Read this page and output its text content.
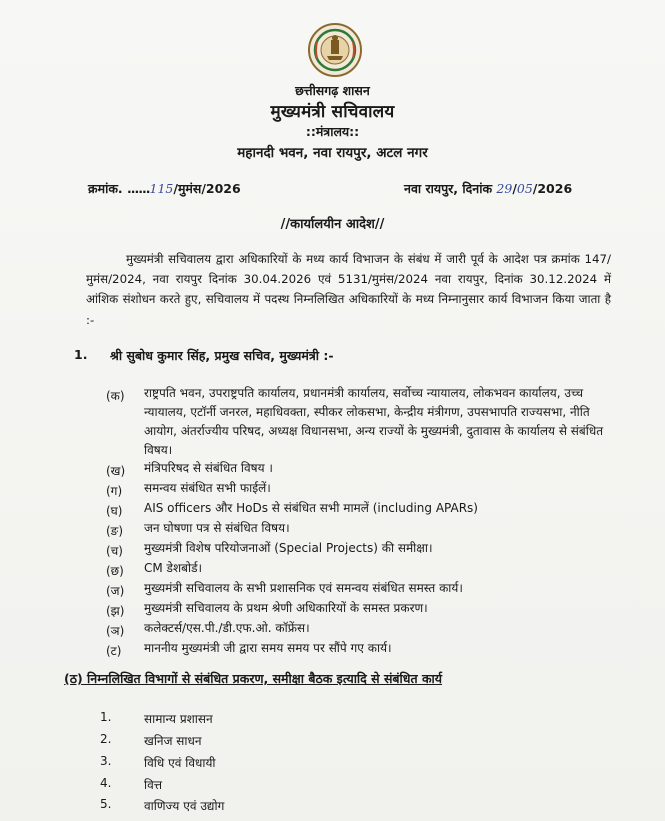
छत्तीसगढ़ शासन
मुख्यमंत्री सचिवालय
::मंत्रालय::
महानदी भवन, नवा रायपुर, अटल नगर
क्रमांक. ......115/मुमंस/2026	नवा रायपुर, दिनांक 29/05/2026
//कार्यालयीन आदेश//
मुख्यमंत्री सचिवालय द्वारा अधिकारियों के मध्य कार्य विभाजन के संबंध में जारी पूर्व के आदेश पत्र क्रमांक 147/मुमंस/2024, नवा रायपुर दिनांक 30.04.2026 एवं 5131/मुमंस/2024 नवा रायपुर, दिनांक 30.12.2024 में आंशिक संशोधन करते हुए, सचिवालय में पदस्थ निम्नलिखित अधिकारियों के मध्य निम्नानुसार कार्य विभाजन किया जाता है :-
1. श्री सुबोध कुमार सिंह, प्रमुख सचिव, मुख्यमंत्री :-
(क) राष्ट्रपति भवन, उपराष्ट्रपति कार्यालय, प्रधानमंत्री कार्यालय, सर्वोच्च न्यायालय, लोकभवन कार्यालय, उच्च न्यायालय, एटॉर्नी जनरल, महाधिवक्ता, स्पीकर लोकसभा, केन्द्रीय मंत्रीगण, उपसभापति राज्यसभा, नीति आयोग, अंतर्राज्यीय परिषद, अध्यक्ष विधानसभा, अन्य राज्यों के मुख्यमंत्री, दुतावास के कार्यालय से संबंधित विषय।
(ख) मंत्रिपरिषद से संबंधित विषय ।
(ग) समन्वय संबंधित सभी फाईलें।
(घ) AIS officers और HoDs से संबंधित सभी मामलें (including APARs)
(ङ) जन घोषणा पत्र से संबंधित विषय।
(च) मुख्यमंत्री विशेष परियोजनाओं (Special Projects) की समीक्षा।
(छ) CM डेशबोर्ड।
(ज) मुख्यमंत्री सचिवालय के सभी प्रशासनिक एवं समन्वय संबंधित समस्त कार्य।
(झ) मुख्यमंत्री सचिवालय के प्रथम श्रेणी अधिकारियों के समस्त प्रकरण।
(ञ) कलेक्टर्स/एस.पी./डी.एफ.ओ. कॉफ्रेंस।
(ट) माननीय मुख्यमंत्री जी द्वारा समय समय पर सौंपे गए कार्य।
(ठ) निम्नलिखित विभागों से संबंधित प्रकरण, समीक्षा बैठक इत्यादि से संबंधित कार्य
1.	सामान्य प्रशासन
2.	खनिज साधन
3.	विधि एवं विधायी
4.	वित्त
5.	वाणिज्य एवं उद्योग
